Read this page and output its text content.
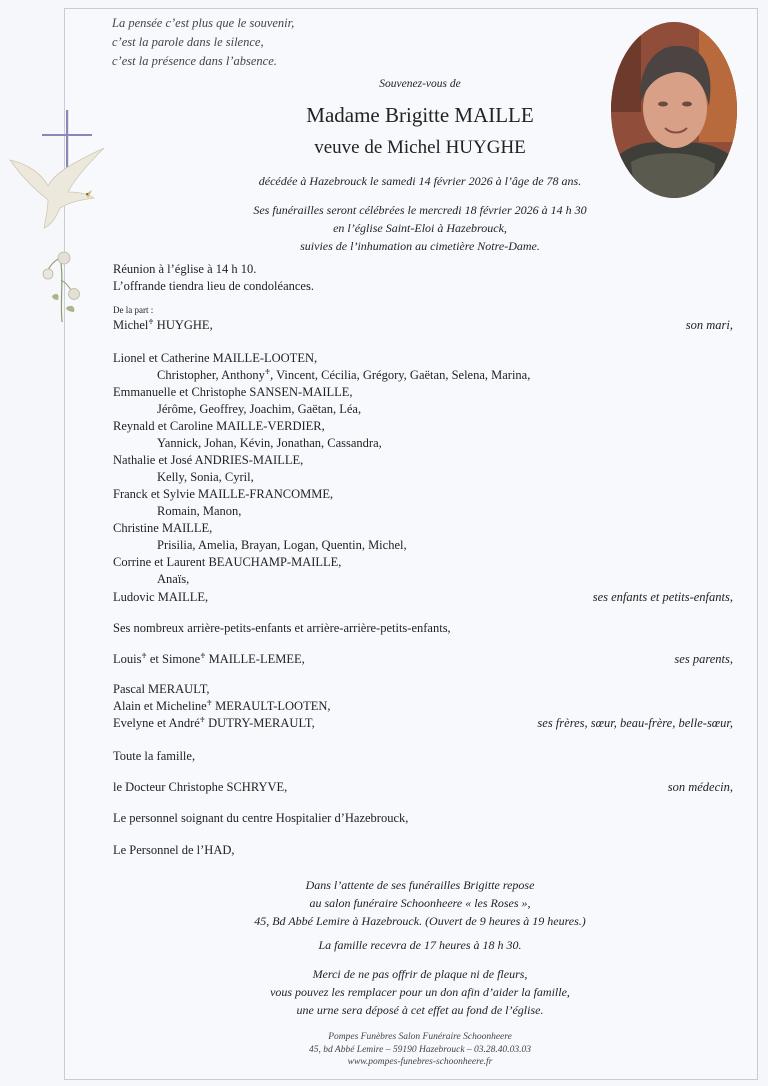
La pensée c’est plus que le souvenir,
c’est la parole dans le silence,
c’est la présence dans l’absence.
Souvenez-vous de
Madame Brigitte MAILLE
veuve de Michel HUYGHE
décédée à Hazebrouck le samedi 14 février 2026 à l’âge de 78 ans.
Ses funérailles seront célébrées le mercredi 18 février 2026 à 14 h 30
en l’église Saint-Eloi à Hazebrouck,
suivies de l’inhumation au cimetière Notre-Dame.
Réunion à l’église à 14 h 10.
L’offrande tiendra lieu de condoléances.
De la part :
Michel♰ HUYGHE,	son mari,
Lionel et Catherine MAILLE-LOOTEN,
Christopher, Anthony♰, Vincent, Cécilia, Grégory, Gaëtan, Selena, Marina,
Emmanuelle et Christophe SANSEN-MAILLE,
Jérôme, Geoffrey, Joachim, Gaëtan, Léa,
Reynald et Caroline MAILLE-VERDIER,
Yannick, Johan, Kévin, Jonathan, Cassandra,
Nathalie et José ANDRIES-MAILLE,
Kelly, Sonia, Cyril,
Franck et Sylvie MAILLE-FRANCOMME,
Romain, Manon,
Christine MAILLE,
Prisilia, Amelia, Brayan, Logan, Quentin, Michel,
Corrine et Laurent BEAUCHAMP-MAILLE,
Anaïs,
Ludovic MAILLE,	ses enfants et petits-enfants,
Ses nombreux arrière-petits-enfants et arrière-arrière-petits-enfants,
Louis♰ et Simone♰ MAILLE-LEMEE,	ses parents,
Pascal MERAULT,
Alain et Micheline♰ MERAULT-LOOTEN,
Evelyne et André♰ DUTRY-MERAULT,	ses frères, sœur, beau-frère, belle-sœur,
Toute la famille,
le Docteur Christophe SCHRYVE,	son médecin,
Le personnel soignant du centre Hospitalier d’Hazebrouck,
Le Personnel de l’HAD,
Dans l’attente de ses funérailles Brigitte repose
au salon funéraire Schoonheere « les Roses »,
45, Bd Abbé Lemire à Hazebrouck. (Ouvert de 9 heures à 19 heures.)
La famille recevra de 17 heures à 18 h 30.
Merci de ne pas offrir de plaque ni de fleurs,
vous pouvez les remplacer pour un don afin d’aider la famille,
une urne sera déposé à cet effet au fond de l’église.
Pompes Funèbres Salon Funéraire Schoonheere
45, bd Abbé Lemire – 59190 Hazebrouck – 03.28.40.03.03
www.pompes-funebres-schoonheere.fr
